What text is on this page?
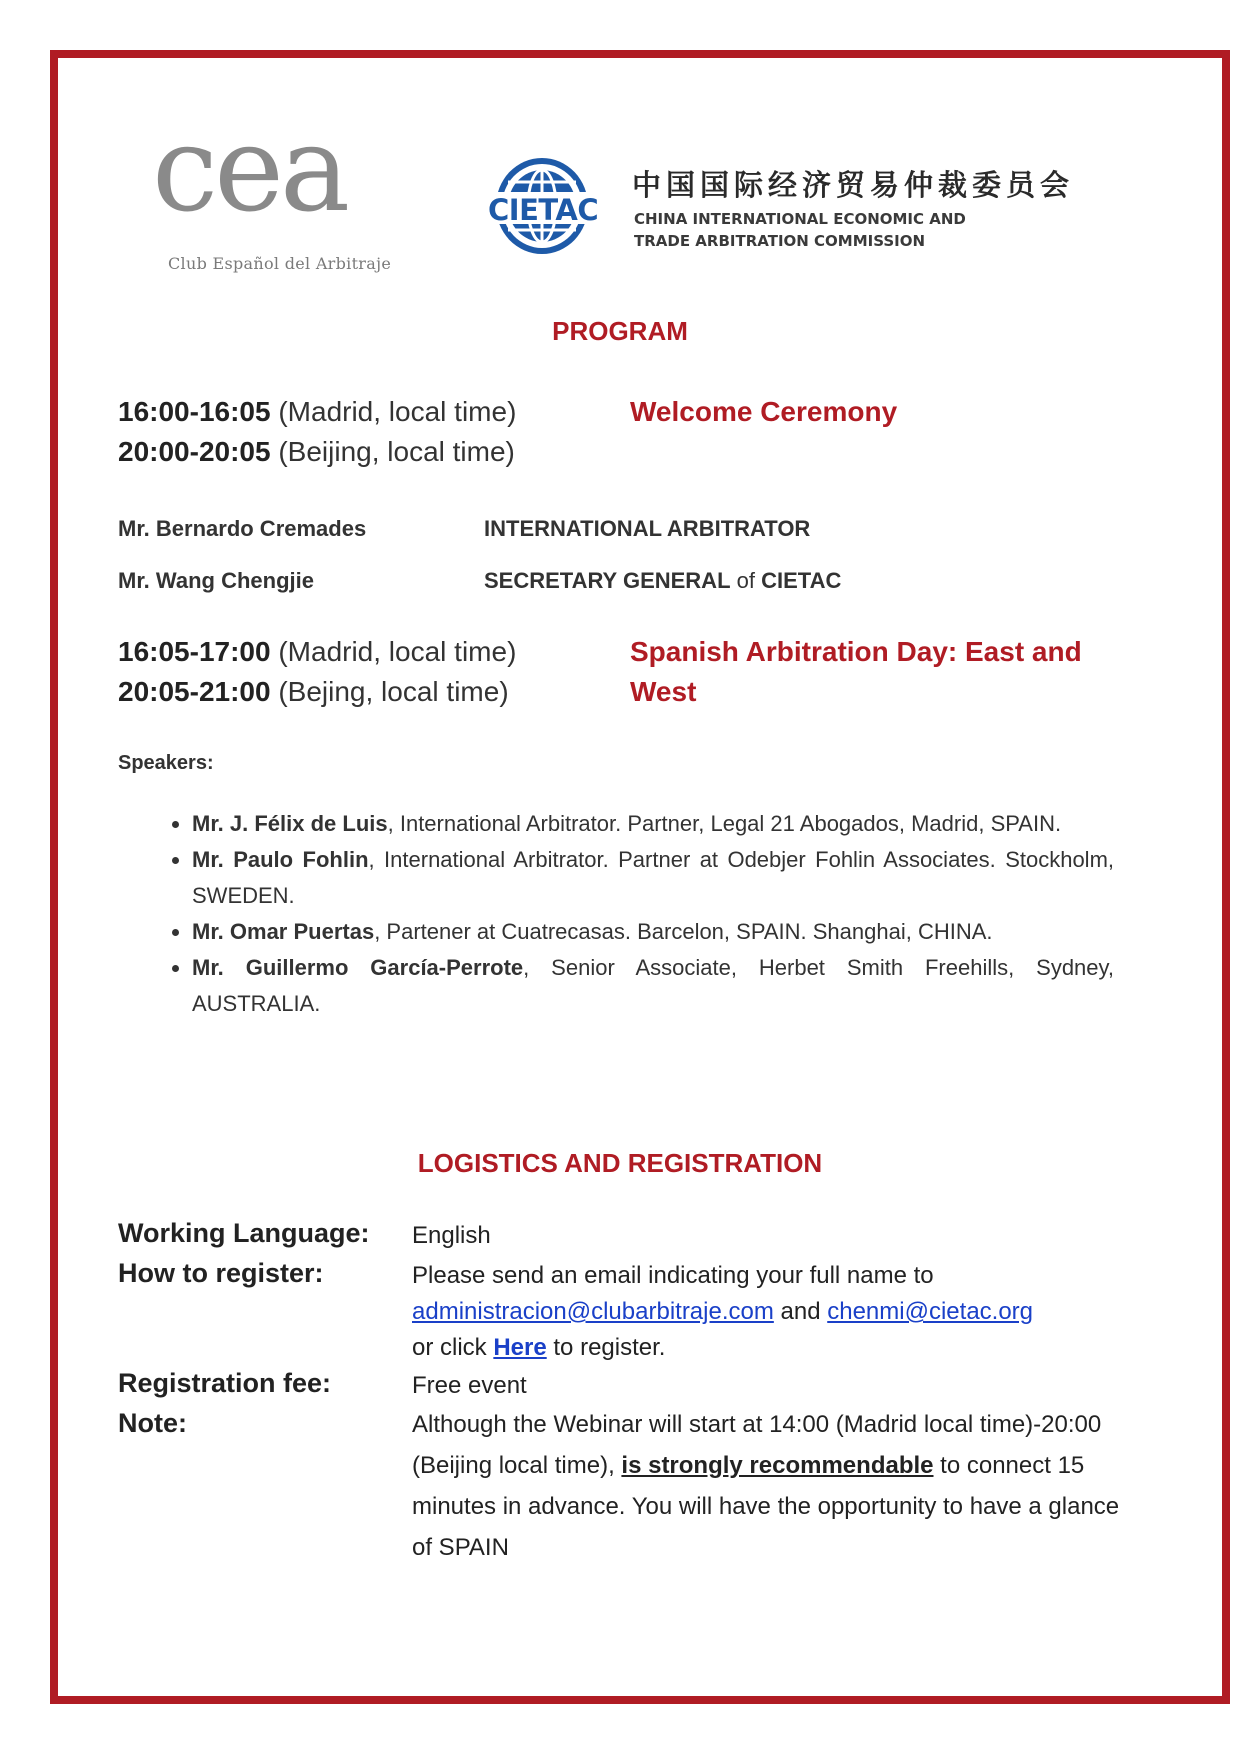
cea
Club Español del Arbitraje
CIETAC
中国国际经济贸易仲裁委员会
CHINA INTERNATIONAL ECONOMIC AND
TRADE ARBITRATION COMMISSION
PROGRAM
16:00-16:05 (Madrid, local time)
20:00-20:05 (Beijing, local time)
Welcome Ceremony
Mr. Bernardo Cremades	INTERNATIONAL ARBITRATOR
Mr. Wang Chengjie	SECRETARY GENERAL of CIETAC
16:05-17:00 (Madrid, local time)
20:05-21:00 (Bejing, local time)
Spanish Arbitration Day: East and West
Speakers:
• Mr. J. Félix de Luis, International Arbitrator. Partner, Legal 21 Abogados, Madrid, SPAIN.
• Mr. Paulo Fohlin, International Arbitrator. Partner at Odebjer Fohlin Associates. Stockholm, SWEDEN.
• Mr. Omar Puertas, Partener at Cuatrecasas. Barcelon, SPAIN. Shanghai, CHINA.
• Mr. Guillermo García-Perrote, Senior Associate, Herbet Smith Freehills, Sydney, AUSTRALIA.
LOGISTICS AND REGISTRATION
Working Language: English
How to register:	Please send an email indicating your full name to
administracion@clubarbitraje.com and chenmi@cietac.org
or click Here to register.
Registration fee:	Free event
Note:	Although the Webinar will start at 14:00 (Madrid local time)-20:00 (Beijing local time), is strongly recommendable to connect 15 minutes in advance. You will have the opportunity to have a glance of SPAIN
